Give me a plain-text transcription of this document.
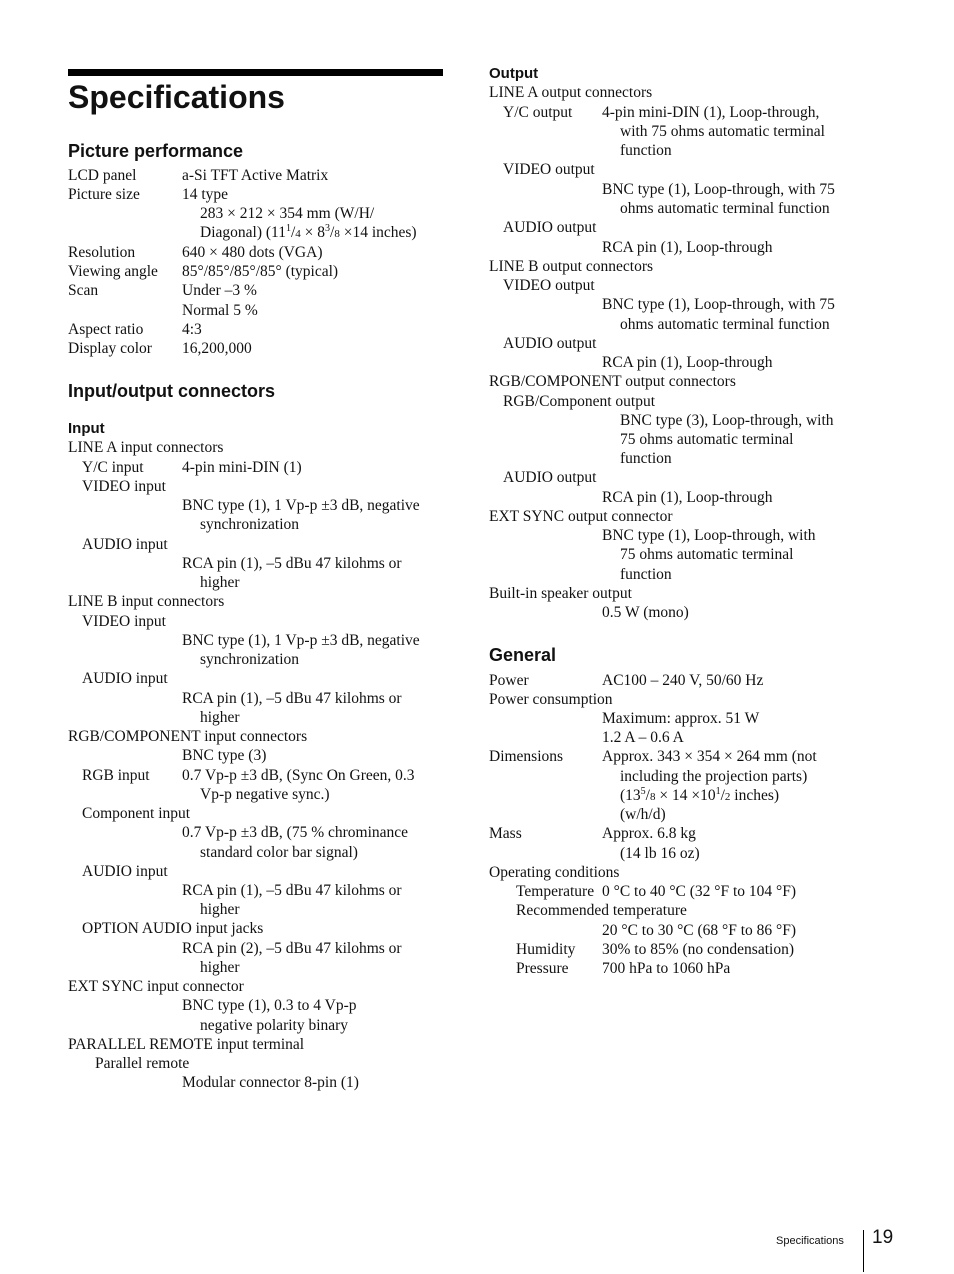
Specifications
Picture performance
LCD panel	a-Si TFT Active Matrix
Picture size	14 type
283 × 212 × 354 mm (W/H/
Diagonal) ($11^1/4 \times 8^3/8 \times 14$ inches)
Resolution	640 × 480 dots (VGA)
Viewing angle 85°/85°/85°/85° (typical)
Scan	Under –3 %
Normal 5 %
Aspect ratio 4:3
Display color 16,200,000
Input/output connectors
Input
LINE A input connectors
Y/C input 4-pin mini-DIN (1)
VIDEO input
BNC type (1), 1 Vp-p ±3 dB, negative
synchronization
AUDIO input
RCA pin (1), –5 dBu 47 kilohms or
higher
LINE B input connectors
VIDEO input
BNC type (1), 1 Vp-p ±3 dB, negative
synchronization
AUDIO input
RCA pin (1), –5 dBu 47 kilohms or
higher
RGB/COMPONENT input connectors
BNC type (3)
RGB input 0.7 Vp-p ±3 dB, (Sync On Green, 0.3
Vp-p negative sync.)
Component input
0.7 Vp-p ±3 dB, (75 % chrominance
standard color bar signal)
AUDIO input
RCA pin (1), –5 dBu 47 kilohms or
higher
OPTION AUDIO input jacks
RCA pin (2), –5 dBu 47 kilohms or
higher
EXT SYNC input connector
BNC type (1), 0.3 to 4 Vp-p
negative polarity binary
PARALLEL REMOTE input terminal
Parallel remote
Modular connector 8-pin (1)
Output
LINE A output connectors
Y/C output 4-pin mini-DIN (1), Loop-through,
with 75 ohms automatic terminal
function
VIDEO output
BNC type (1), Loop-through, with 75
ohms automatic terminal function
AUDIO output
RCA pin (1), Loop-through
LINE B output connectors
VIDEO output
BNC type (1), Loop-through, with 75
ohms automatic terminal function
AUDIO output
RCA pin (1), Loop-through
RGB/COMPONENT output connectors
RGB/Component output
BNC type (3), Loop-through, with
75 ohms automatic terminal
function
AUDIO output
RCA pin (1), Loop-through
EXT SYNC output connector
BNC type (1), Loop-through, with
75 ohms automatic terminal
function
Built-in speaker output
0.5 W (mono)
General
Power	AC100 – 240 V, 50/60 Hz
Power consumption
Maximum: approx. 51 W
1.2 A – 0.6 A
Dimensions	Approx. 343 × 354 × 264 mm (not
including the projection parts)
($13^5/8 \times 14 \times 10^1/2$ inches)
(w/h/d)
Mass	Approx. 6.8 kg
(14 lb 16 oz)
Operating conditions
Temperature 0 °C to 40 °C (32 °F to 104 °F)
Recommended temperature
20 °C to 30 °C (68 °F to 86 °F)
Humidity 30% to 85% (no condensation)
Pressure 700 hPa to 1060 hPa
Specifications 19
